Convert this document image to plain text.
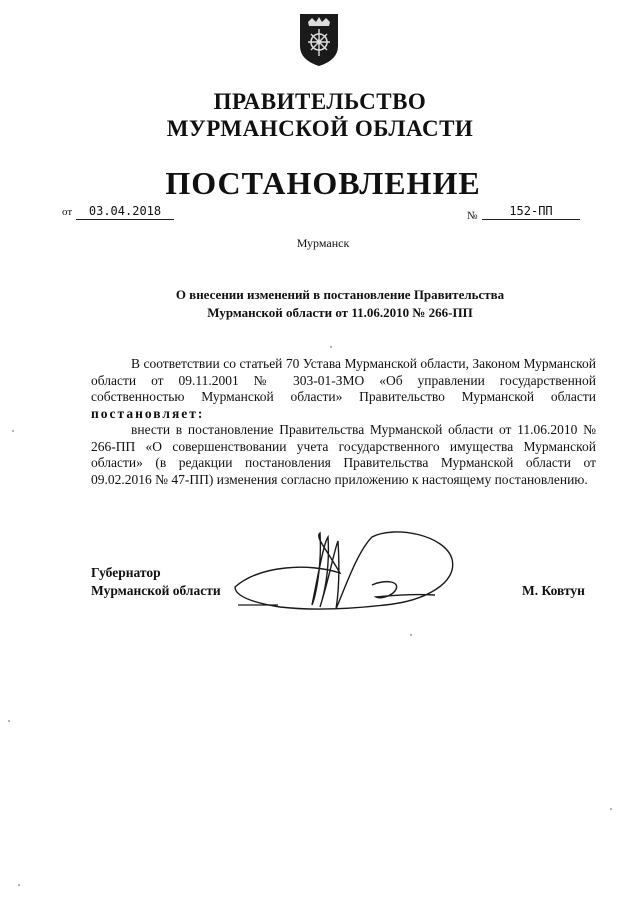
ПРАВИТЕЛЬСТВО
МУРМАНСКОЙ ОБЛАСТИ
ПОСТАНОВЛЕНИЕ
от	03.04.2018	№	152-ПП
Мурманск
О внесении изменений в постановление Правительства
Мурманской области от 11.06.2010 № 266-ПП

В соответствии со статьей 70 Устава Мурманской области, Законом Мурманской области от 09.11.2001 № 303-01-ЗМО «Об управлении государственной собственностью Мурманской области» Правительство Мурманской области постановляет:

внести в постановление Правительства Мурманской области от 11.06.2010 № 266-ПП «О совершенствовании учета государственного имущества Мурманской области» (в редакции постановления Правительства Мурманской области от 09.02.2016 № 47-ПП) изменения согласно приложению к настоящему постановлению.

Губернатор
Мурманской области	М. Ковтун
